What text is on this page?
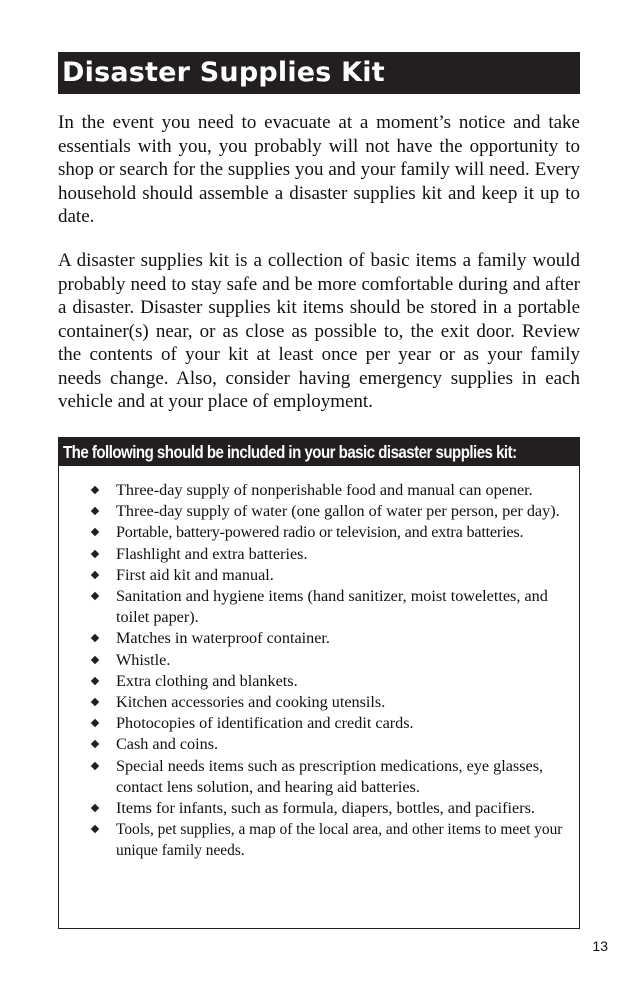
Disaster Supplies Kit

In the event you need to evacuate at a moment’s notice and take essentials with you, you probably will not have the opportunity to shop or search for the supplies you and your family will need. Every household should assemble a disaster supplies kit and keep it up to date.

A disaster supplies kit is a collection of basic items a family would probably need to stay safe and be more comfortable during and after a disaster. Disaster supplies kit items should be stored in a portable container(s) near, or as close as possible to, the exit door. Review the contents of your kit at least once per year or as your family needs change. Also, consider having emergency supplies in each vehicle and at your place of employment.

The following should be included in your basic disaster supplies kit:
Three-day supply of nonperishable food and manual can opener.
Three-day supply of water (one gallon of water per person, per day).
Portable, battery-powered radio or television, and extra batteries.
Flashlight and extra batteries.
First aid kit and manual.
Sanitation and hygiene items (hand sanitizer, moist towelettes, and toilet paper).
Matches in waterproof container.
Whistle.
Extra clothing and blankets.
Kitchen accessories and cooking utensils.
Photocopies of identification and credit cards.
Cash and coins.
Special needs items such as prescription medications, eye glasses, contact lens solution, and hearing aid batteries.
Items for infants, such as formula, diapers, bottles, and pacifiers.
Tools, pet supplies, a map of the local area, and other items to meet your unique family needs.
13
